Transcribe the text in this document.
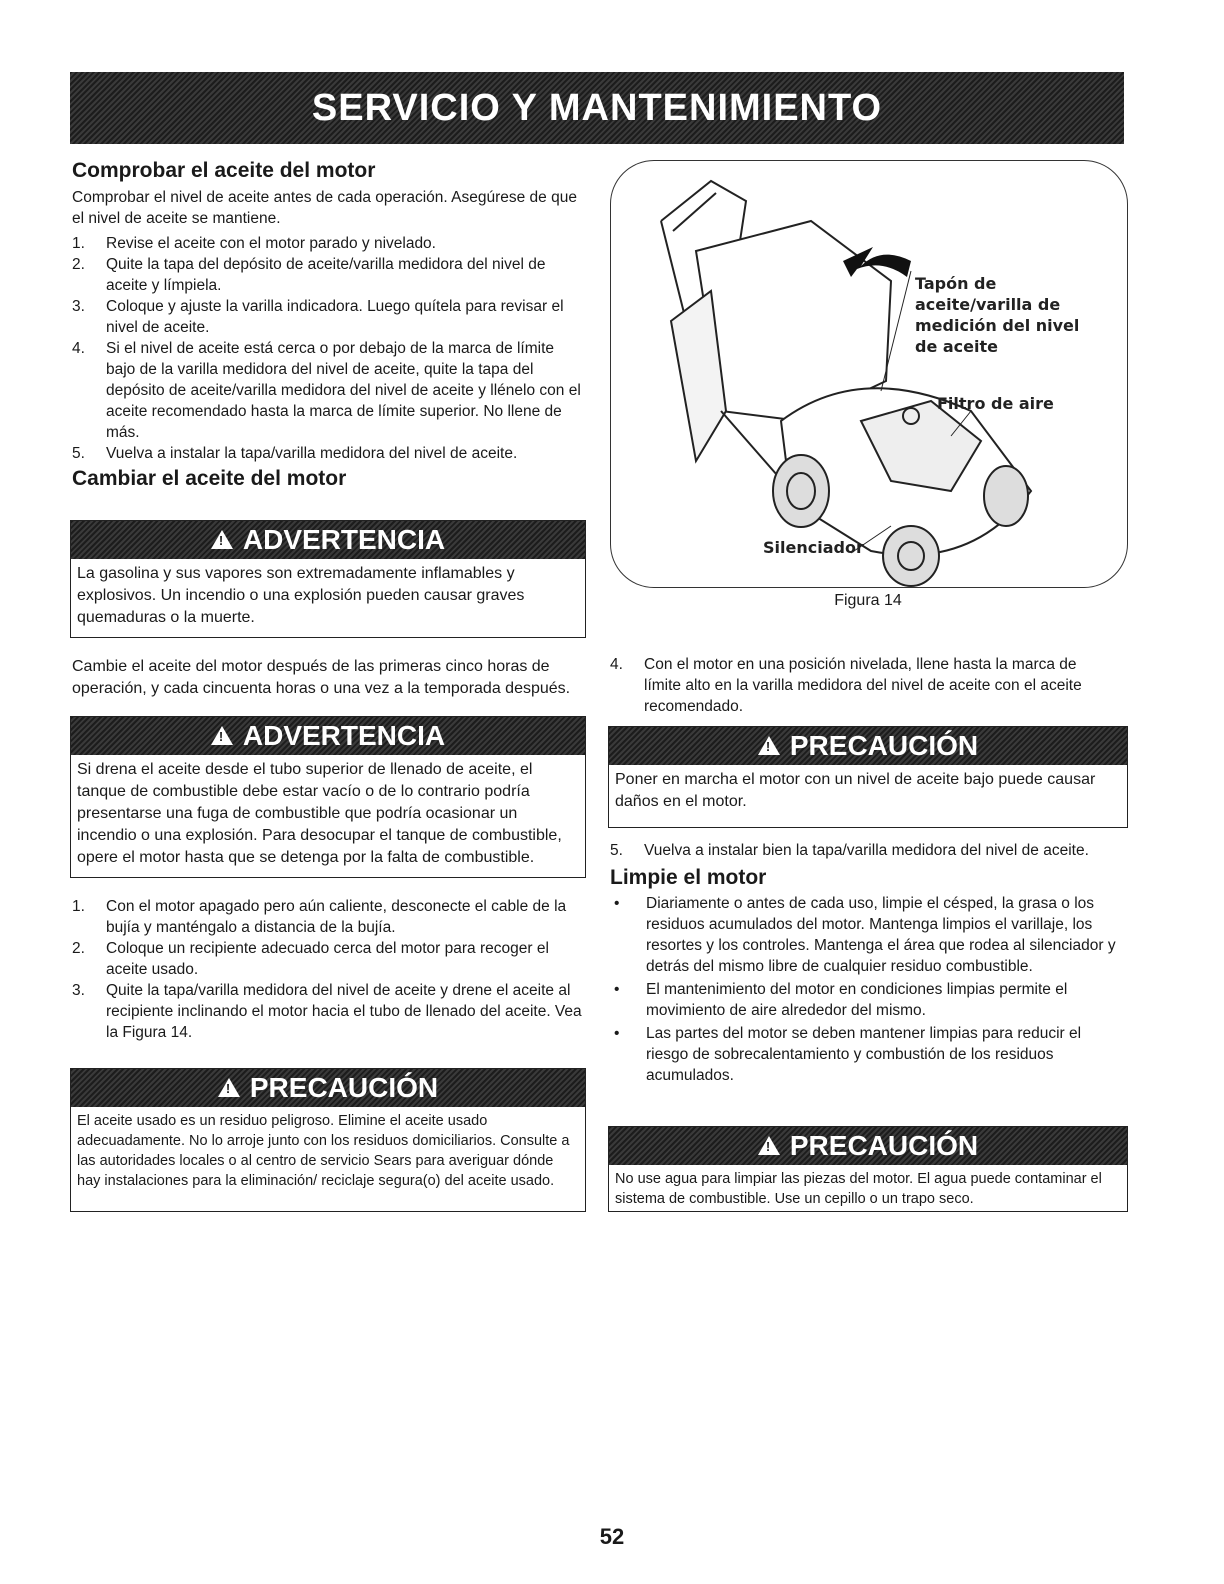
SERVICIO Y MANTENIMIENTO
Comprobar el aceite del motor

Comprobar el nivel de aceite antes de cada operación. Asegúrese de que el nivel de aceite se mantiene.

1. Revise el aceite con el motor parado y nivelado.
2. Quite la tapa del depósito de aceite/varilla medidora del nivel de aceite y límpiela.
3. Coloque y ajuste la varilla indicadora. Luego quítela para revisar el nivel de aceite.
4. Si el nivel de aceite está cerca o por debajo de la marca de límite bajo de la varilla medidora del nivel de aceite, quite la tapa del depósito de aceite/varilla medidora del nivel de aceite y llénelo con el aceite recomendado hasta la marca de límite superior. No llene de más.
5. Vuelva a instalar la tapa/varilla medidora del nivel de aceite.
Cambiar el aceite del motor
!
ADVERTENCIA
La gasolina y sus vapores son extremadamente inflamables y explosivos. Un incendio o una explosión pueden causar graves quemaduras o la muerte.

Cambie el aceite del motor después de las primeras cinco horas de operación, y cada cincuenta horas o una vez a la temporada después.

!
ADVERTENCIA
Si drena el aceite desde el tubo superior de llenado de aceite, el tanque de combustible debe estar vacío o de lo contrario podría presentarse una fuga de combustible que podría ocasionar un incendio o una explosión. Para desocupar el tanque de combustible, opere el motor hasta que se detenga por la falta de combustible.
1. Con el motor apagado pero aún caliente, desconecte el cable de la bujía y manténgalo a distancia de la bujía.
2. Coloque un recipiente adecuado cerca del motor para recoger el aceite usado.
3. Quite la tapa/varilla medidora del nivel de aceite y drene el aceite al recipiente inclinando el motor hacia el tubo de llenado del aceite. Vea la Figura 14.
!
PRECAUCIÓN
El aceite usado es un residuo peligroso. Elimine el aceite usado adecuadamente. No lo arroje junto con los residuos domiciliarios. Consulte a las autoridades locales o al centro de servicio Sears para averiguar dónde hay instalaciones para la eliminación/ reciclaje segura(o) del aceite usado.
Tapón de aceite/varilla de medición del nivel de aceite
Filtro de aire
Silenciador
Figura 14
4. Con el motor en una posición nivelada, llene hasta la marca de límite alto en la varilla medidora del nivel de aceite con el aceite recomendado.
!
PRECAUCIÓN
Poner en marcha el motor con un nivel de aceite bajo puede causar daños en el motor.
5. Vuelva a instalar bien la tapa/varilla medidora del nivel de aceite.
Limpie el motor
• Diariamente o antes de cada uso, limpie el césped, la grasa o los residuos acumulados del motor. Mantenga limpios el varillaje, los resortes y los controles. Mantenga el área que rodea al silenciador y detrás del mismo libre de cualquier residuo combustible.
• El mantenimiento del motor en condiciones limpias permite el movimiento de aire alrededor del mismo.
• Las partes del motor se deben mantener limpias para reducir el riesgo de sobrecalentamiento y combustión de los residuos acumulados.
!
PRECAUCIÓN
No use agua para limpiar las piezas del motor. El agua puede contaminar el sistema de combustible. Use un cepillo o un trapo seco.
52
